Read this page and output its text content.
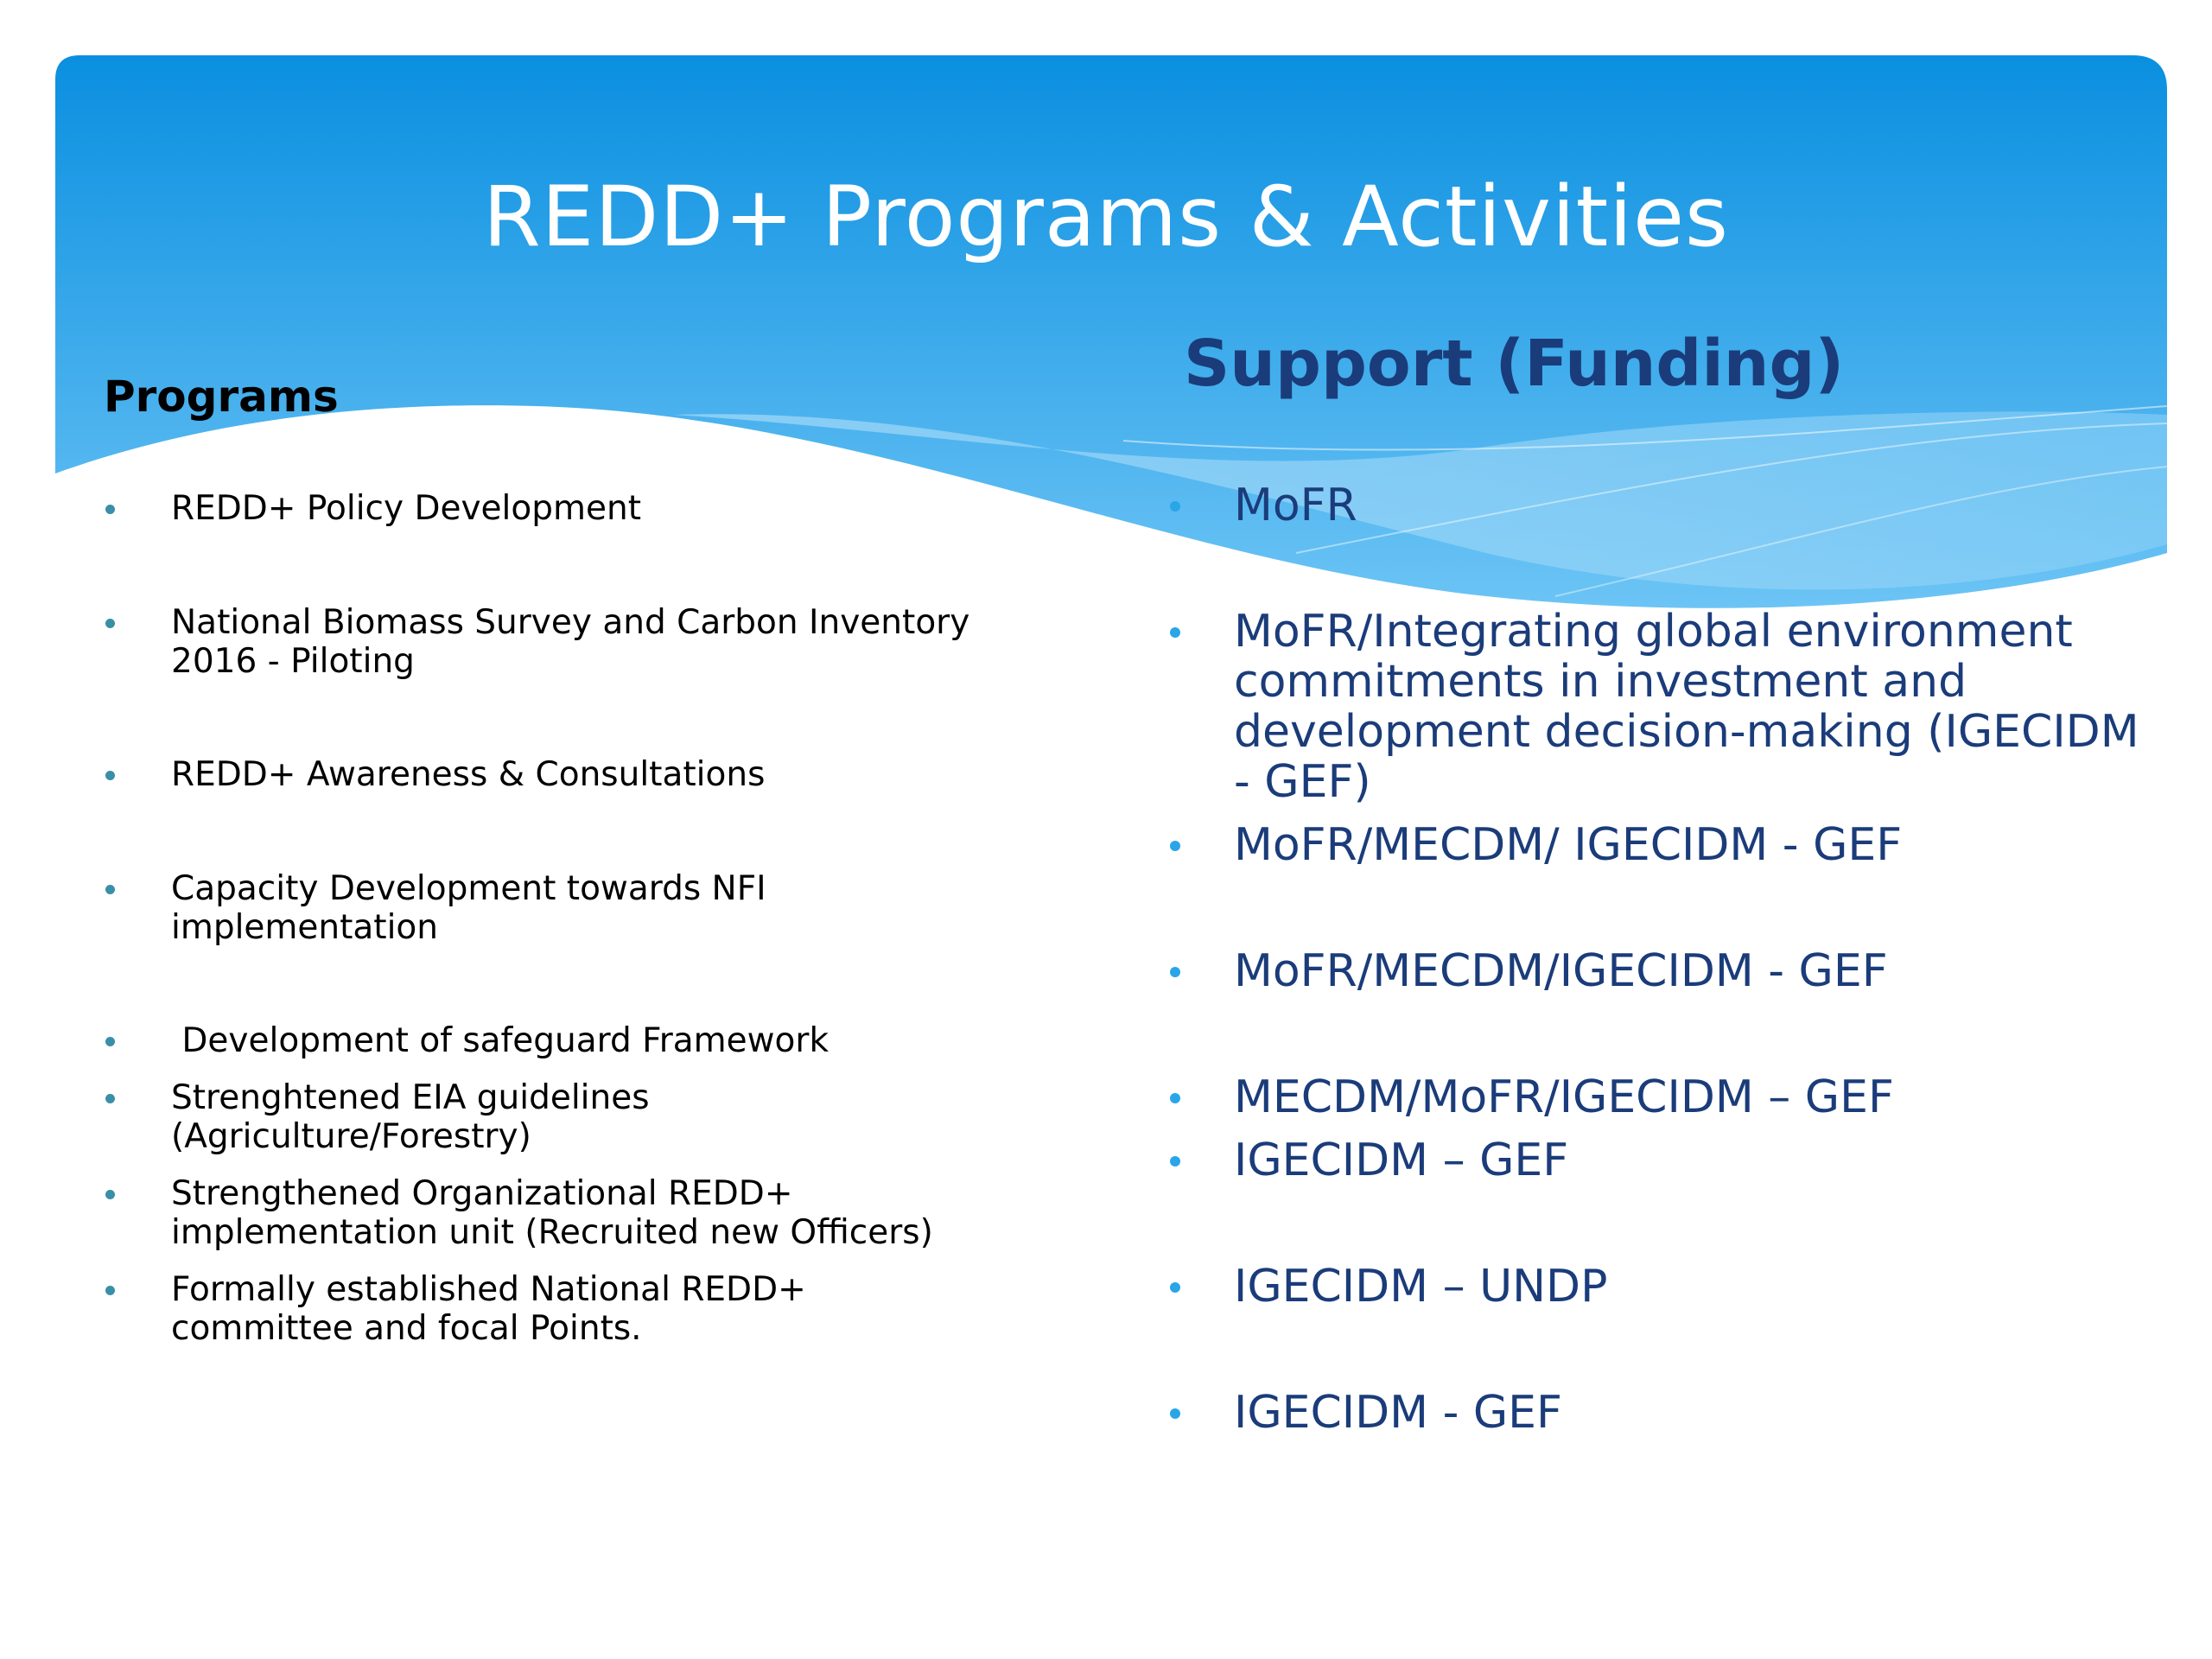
REDD+ Programs & Activities
Programs	Support (Funding)
REDD+ Policy Development
National Biomass Survey and Carbon Inventory 2016 - Piloting
REDD+ Awareness & Consultations
Capacity Development towards NFI implementation
Development of safeguard Framework
Strenghtened EIA guidelines (Agriculture/Forestry)
Strengthened Organizational REDD+ implementation unit (Recruited new Officers)
Formally established National REDD+ committee and focal Points.
MoFR
MoFR/Integrating global environment commitments in investment and development decision-making (IGECIDM - GEF)
MoFR/MECDM/ IGECIDM - GEF
MoFR/MECDM/IGECIDM - GEF
MECDM/MoFR/IGECIDM – GEF
IGECIDM – GEF
IGECIDM – UNDP
IGECIDM - GEF
